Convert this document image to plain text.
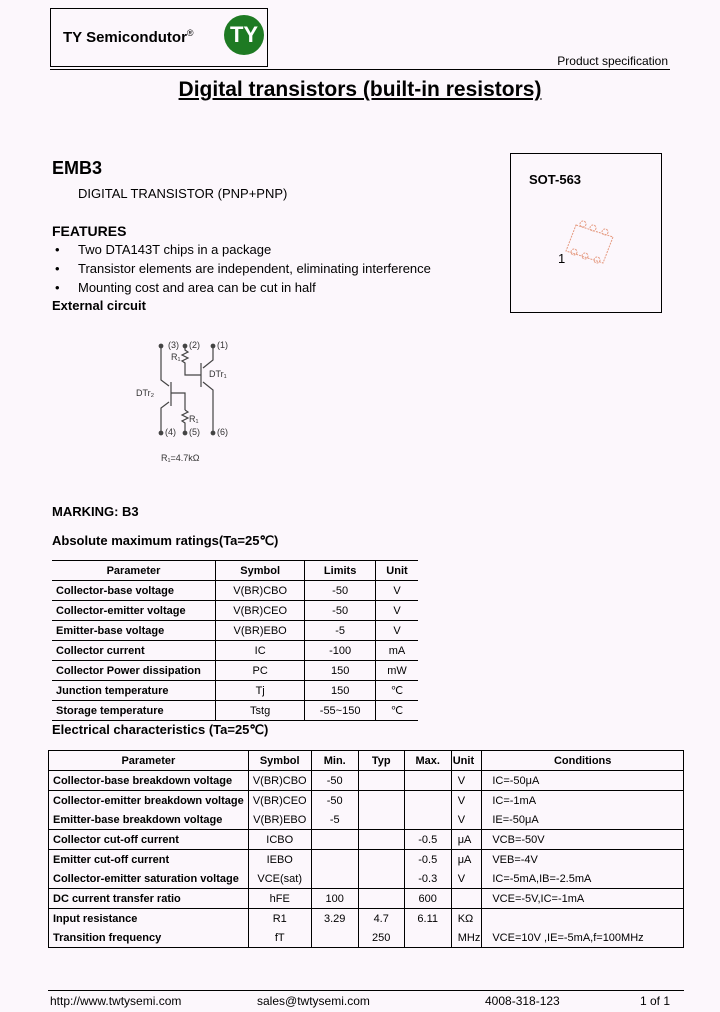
TY Semicondutor® TY
Product specification
Digital transistors (built-in resistors)
EMB3
DIGITAL TRANSISTOR (PNP+PNP)
SOT-563
1
FEATURES
• Two DTA143T chips in a package
• Transistor elements are independent, eliminating interference
• Mounting cost and area can be cut in half
External circuit
(3) (2) (1)
(4) (5) (6)
R₁
R₁
DTr₁
DTr₂
R₁=4.7kΩ
MARKING: B3
Absolute maximum ratings(Ta=25℃)
Parameter	Symbol	Limits	Unit
Collector-base voltage	V(BR)CBO	-50	V
Collector-emitter voltage	V(BR)CEO	-50	V
Emitter-base voltage	V(BR)EBO	-5	V
Collector current	IC	-100	mA
Collector Power dissipation	PC	150	mW
Junction temperature	Tj	150	℃
Storage temperature	Tstg	-55~150	℃
Electrical characteristics (Ta=25℃)
Parameter	Symbol	Min.	Typ	Max.	Unit	Conditions
Collector-base breakdown voltage	V(BR)CBO	-50			V	IC=-50μA
Collector-emitter breakdown voltage	V(BR)CEO	-50			V	IC=-1mA
Emitter-base breakdown voltage	V(BR)EBO	-5			V	IE=-50μA
Collector cut-off current	ICBO			-0.5	μA	VCB=-50V
Emitter cut-off current	IEBO			-0.5	μA	VEB=-4V
Collector-emitter saturation voltage	VCE(sat)			-0.3	V	IC=-5mA,IB=-2.5mA
DC current transfer ratio	hFE	100		600		VCE=-5V,IC=-1mA
Input resistance	R1	3.29	4.7	6.11	KΩ	
Transition frequency	fT		250		MHz	VCE=10V ,IE=-5mA,f=100MHz
http://www.twtysemi.com	sales@twtysemi.com	4008-318-123	1 of 1
